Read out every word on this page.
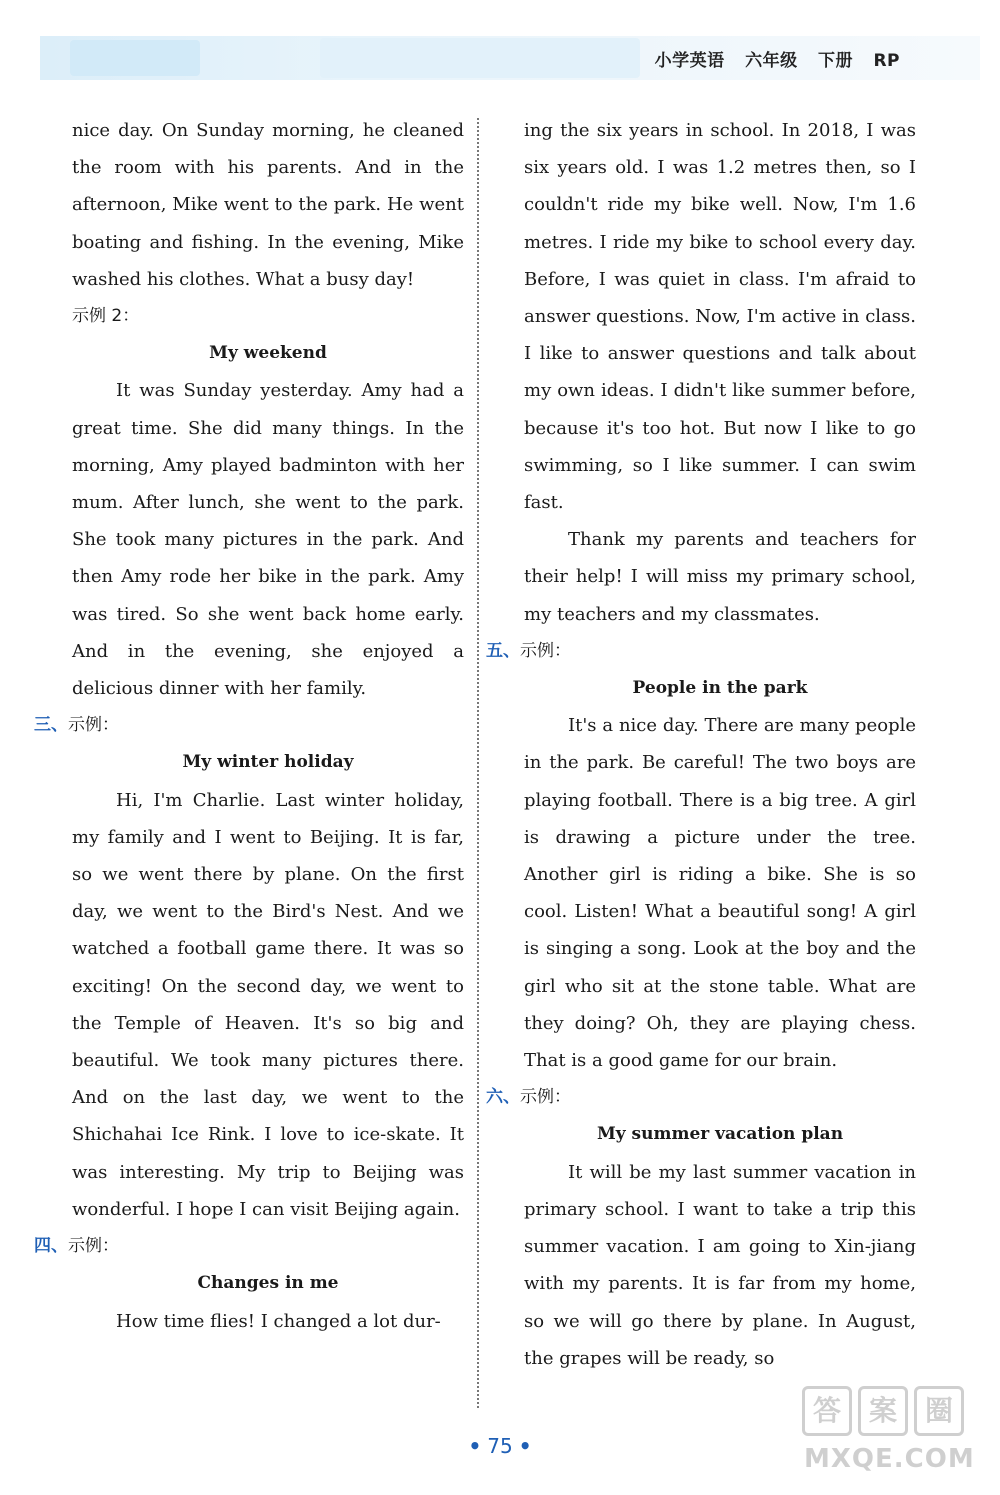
小学英语 六年级 下册 RP

nice day. On Sunday morning, he cleaned the room with his parents. And in the afternoon, Mike went to the park. He went boating and fishing. In the evening, Mike washed his clothes. What a busy day!

示例 2：

My weekend

It was Sunday yesterday. Amy had a great time. She did many things. In the morning, Amy played badminton with her mum. After lunch, she went to the park. She took many pictures in the park. And then Amy rode her bike in the park. Amy was tired. So she went back home early. And in the evening, she enjoyed a delicious dinner with her family.

三、示例：

My winter holiday

Hi, I'm Charlie. Last winter holiday, my family and I went to Beijing. It is far, so we went there by plane. On the first day, we went to the Bird's Nest. And we watched a football game there. It was so exciting! On the second day, we went to the Temple of Heaven. It's so big and beautiful. We took many pictures there. And on the last day, we went to the Shichahai Ice Rink. I love to ice-skate. It was interesting. My trip to Beijing was wonderful. I hope I can visit Beijing again.

四、示例：

Changes in me

How time flies! I changed a lot dur-

ing the six years in school. In 2018, I was six years old. I was 1.2 metres then, so I couldn't ride my bike well. Now, I'm 1.6 metres. I ride my bike to school every day. Before, I was quiet in class. I'm afraid to answer questions. Now, I'm active in class. I like to answer questions and talk about my own ideas. I didn't like summer before, because it's too hot. But now I like to go swimming, so I like summer. I can swim fast.

Thank my parents and teachers for their help! I will miss my primary school, my teachers and my classmates.

五、示例：

People in the park

It's a nice day. There are many people in the park. Be careful! The two boys are playing football. There is a big tree. A girl is drawing a picture under the tree. Another girl is riding a bike. She is so cool. Listen! What a beautiful song! A girl is singing a song. Look at the boy and the girl who sit at the stone table. What are they doing? Oh, they are playing chess. That is a good game for our brain.

六、示例：

My summer vacation plan

It will be my last summer vacation in primary school. I want to take a trip this summer vacation. I am going to Xin-jiang with my parents. It is far from my home, so we will go there by plane. In August, the grapes will be ready, so

• 75 •
答 案 圈
MXQE.COM
